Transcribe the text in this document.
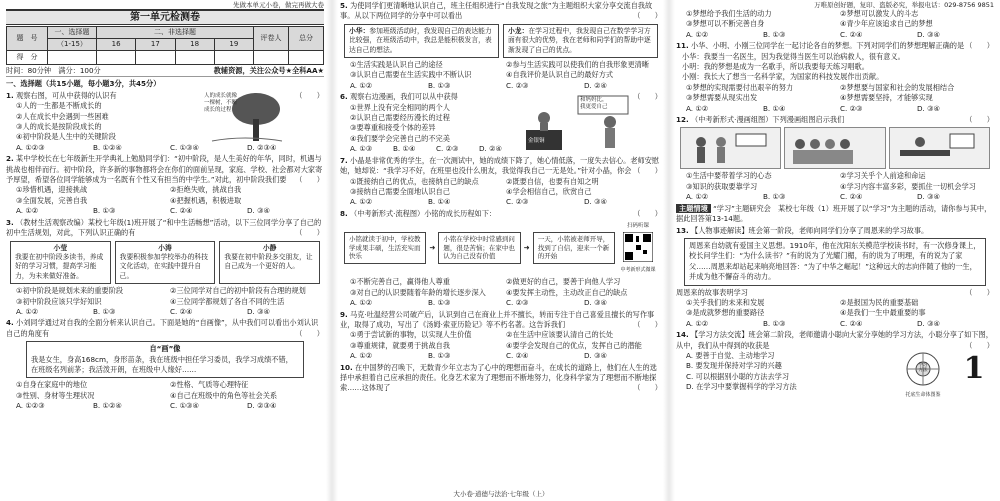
先做本单元小卷，做完再做大卷
第一单元检测卷
题　号	一、选择题	二、非选择题				评卷人	总分
	（1-15）	16	17	18	19		
得　分							
时间：80分钟　满分：100分	教辅资源，关注公众号★全科AA★
一、选择题（共15小题，每小题3分，共45分）
1. 观察右图，可从中获得的认识有
①人的一生都是不断成长的
②人在成长中会遇到一些困难
③人的成长是按阶段成长的
④初中阶段是人生中的关键阶段
人的成长就像
一棵树，不断
成长的过程
（　　）
A. ①②③	B. ①②④	C. ①③④	D. ②③④
2. 某中学校长在七年级新生开学典礼上勉励同学们：“初中阶段，是人生美好的年华，同时，机遇与挑战也相伴而行。初中阶段，许多新的事物都将会在你们的面前呈现，家庭、学校、社会都对大家寄予厚望，希望各位同学能够成为一名既有个性又有担当的中学生。”对此，初中阶段我们要 （　　）
①珍惜机遇，迎接挑战	②拒绝失败，挑战自我
③全面发展，完善自我	④把握机遇，积极进取
A. ①②	B. ①③	C. ②④	D. ③④
3. （教材生活观察改编）某校七年级(1)班开展了“和中生活畅想”活动，以下三位同学分享了自己的初中生活规划，对此，下列认识正确的有	（　　）
小莹
我要在初中阶段多读书，养成好的学习习惯，提高学习能力，为未来做好准备。
小涛
我要积极参加学校举办的科技文化活动，在实践中提升自己。
小静
我要在初中阶段多交朋友，让自己成为一个更好的人。
①初中阶段是规划未来的重要阶段	②三位同学对自己的初中阶段有合理的规划
③初中阶段应该只学好知识	④三位同学都规划了各自不同的生活
A. ①②	B. ①③	C. ②④	D. ③④
4. 小刘同学通过对自我的全面分析来认识自己。下面是她的“自画像”，从中我们可以看出小刘认识自己的角度有	（　　）
自“画”像
我是女生，身高168cm，身形苗条，我在班级中担任学习委员，我学习成绩不错，在班级名列前茅；我活泼开朗，在班级中人缘好……
①自身在家庭中的地位	②性格、气质等心理特征
③性别、身材等生理状况	④自己在班级中的角色等社会关系
A. ①②③	B. ①②④	C. ①③④	D. ②③④
5. 为使同学们更清晰地认识自己，班主任组织进行“自我发现之旅”为主题组织大家分享交流自我故事。从以下两位同学的分享中可以看出	（　　）
小华：参加班级活动时，我发现自己的表达能力比较强，在班级活动中，我总是能积极发言，表达自己的想法。
小龙：在学习过程中，我发现自己在数学学习方面有很大的优势，我在老师和同学们的帮助中逐渐发现了自己的优点。
①生活实践是认识自己的途径	②参与生活实践可以使我们的自我形象更清晰
③认识自己需要在生活实践中不断认识	④自我评价是认识自己的最好方式
A. ①②	B. ①③	C. ②③	D. ②④
6. 观察右边漫画，我们可以从中获得
①世界上没有完全相同的两个人
②认识自己需要经历漫长的过程
③要尊重和接受个体的差异
④我们要学会完善自己的不完美
A. ①③	B. ①④	C. ②③	D. ②④
金银铜
和妈妈比，
我更爱自己
（　　）
7. 小晶是非常优秀的学生，在一次测试中，她的成绩下降了，她心情低落，一度失去信心。老师安慰她，她却说：“我学习不好，在班里也没什么朋友，我觉得我自己一无是处。”针对小晶，你会 （　　）
①既接纳自己的优点，也接纳自己的缺点	②既要自信，也要有自知之明
③接纳自己需要全面地认识自己	④学会相信自己，欣赏自己
A. ①②	B. ①④	C. ②③	D. ③④
8. （中考新形式·流程图）小铭的成长历程如下：	（　　）
小铭就读于初中，学校教学成果丰硕，生活充实而快乐
➜
小铭在学校中时常感到问题，很是苦恼；在家中也认为自己没有价值
➜
一天，小铭被老师开导，找到了自信，迎来一个新的开始
扫码听课
中考新形式微课
①不断完善自己，赢得他人尊重	②做更好的自己，要善于向他人学习
③对自己的认识要随着年龄的增长逐步深入	④要发挥主动性，主动改正自己的缺点
A. ①②	B. ①③	C. ②③	D. ③④
9. 马克·吐温经营公司破产后，认识到自己在商业上并不擅长，转而专注于自己喜爱且擅长的写作事业，取得了成功，写出了《汤姆·索亚历险记》等不朽名著。这告诉我们	（　　）
①勇于尝试新的事物，以实现人生价值	②在生活中应该要认清自己的长处
③尊重规律，就要勇于挑战自我	④要学会发现自己的优点，发挥自己的潜能
A. ①②	B. ①③	C. ②④	D. ③④
10. 在中国梦的召唤下，无数青少年立志为了心中的理想而奋斗，在成长的道路上，他们在人生的选择中承担着自己应承担的责任。化身艺术家为了理想而不断地努力，化身科学家为了理想而不断地探索……这体现了	（　　）
大小卷·道德与法治·七年级（上）
万唯原创好题，复印、盗版必究，举报电话：029-8756 9851
①梦想给予我们生活的动力	②梦想可以激发人的斗志
③梦想可以不断完善自身	④青少年应该追求自己的梦想
A. ①②	B. ①③	C. ②④	D. ③④
11. 小华、小明、小刚三位同学在一起讨论各自的梦想。下列对同学们的梦想理解正确的是 （　　）
小华：我要当一名医生，因为我觉得当医生可以治病救人，很有意义。
小明：我的梦想是成为一名歌手，所以我要每天练习唱歌。
小刚：我长大了想当一名科学家，为国家的科技发展作出贡献。
①梦想的实现需要付出艰辛的努力	②梦想要与国家和社会的发展相结合
③梦想需要从现实出发	④梦想需要坚持，才能够实现
A. ①②	B. ①④	C. ②③	D. ③④
12. （中考新形式·漫画组图）下列漫画组图启示我们	（　　）
①生活中要带着学习的心态	②学习关乎个人前途和命运
③知识的获取要靠学习	④学习内容丰富多彩，要抓住一切机会学习
A. ①②	B. ①③	C. ②④	D. ③④
主题情境 “学习”主题研究会　某校七年级（1）班开展了以“学习”为主题的活动，请你参与其中，据此回答第13-14题。
13. 【人物事迹解读】班会第一阶段，老师向同学们分享了周恩来的学习故事。
周恩来自幼就有爱国主义思想。1910年，他在沈阳东关模范学校读书时，有一次修身课上，校长问学生们：“为什么读书？”有的说为了光耀门楣，有的说为了明理，有的说为了家父……周恩来却站起来响亮地回答：“为了中华之崛起！”这种远大的志向伴随了他的一生，并成为他不懈奋斗的动力。
周恩来的故事表明学习	（　　）
①关乎我们的未来和发展	②是报国为民的重要基础
③是成就梦想的重要路径	④是我们一生中最重要的事
A. ①②	B. ①③	C. ②④	D. ③④
14. 【学习方法交流】班会第二阶段，老师邀请小聪向大家分享她的学习方法，小聪分享了如下图，从中，我们从中得到的收获是	（　　）
A. 要善于自觉、主动地学习
B. 要发现并保持对学习的兴趣
C. 可以根据别小聪的方法去学习
D. 在学习中要掌握科学的学习方法
学习
方法
托底生命体图鉴
1
